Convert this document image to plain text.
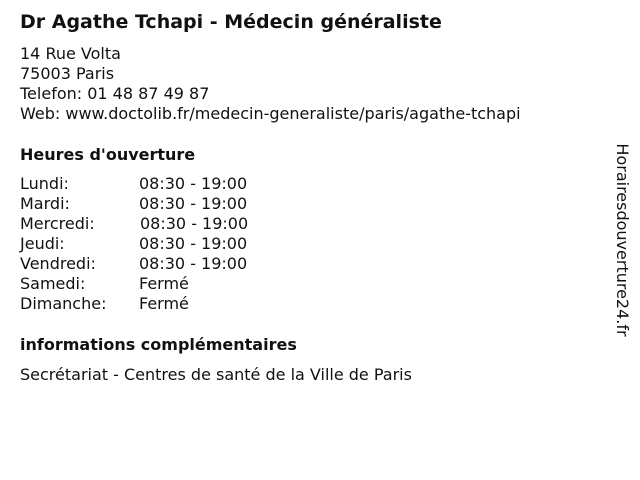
Dr Agathe Tchapi - Médecin généraliste
14 Rue Volta
75003 Paris
Telefon: 01 48 87 49 87
Web: www.doctolib.fr/medecin-generaliste/paris/agathe-tchapi
Heures d'ouverture
Lundi:	08:30 - 19:00
Mardi:	08:30 - 19:00
Mercredi:	08:30 - 19:00
Jeudi:	08:30 - 19:00
Vendredi:	08:30 - 19:00
Samedi:	Fermé
Dimanche: Fermé
informations complémentaires
Secrétariat - Centres de santé de la Ville de Paris
Horairesdouverture24.fr
